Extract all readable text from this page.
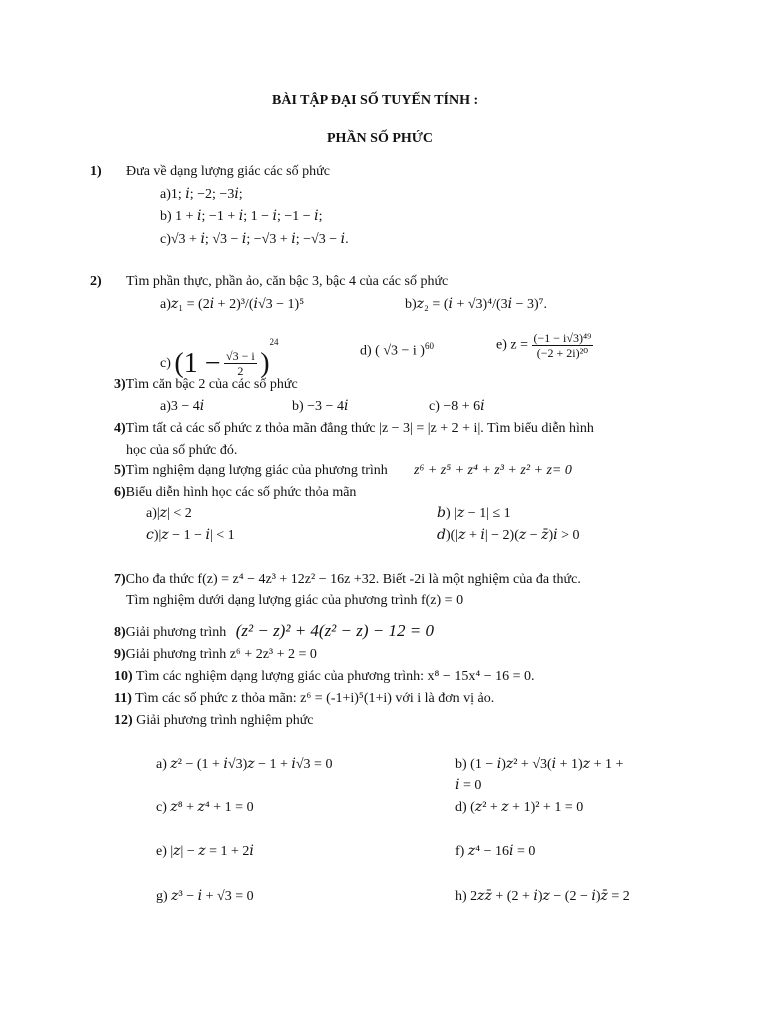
BÀI TẬP ĐẠI SỐ TUYẾN TÍNH :
PHẦN SỐ PHỨC
1) Đưa về dạng lượng giác các số phức
a)1; 𝑖; −2; −3𝑖;
b) 1 + 𝑖; −1 + 𝑖; 1 − 𝑖; −1 − 𝑖;
c)√3 + 𝑖; √3 − 𝑖; −√3 + 𝑖; −√3 − 𝑖.
2) Tìm phần thực, phần ảo, căn bậc 3, bậc 4 của các số phức
a)𝑧₁ = (2𝑖 + 2)³/(𝑖√3 − 1)⁵	b)𝑧₂ = (𝑖 + √3)⁴/(3𝑖 − 3)⁷.
c) $(1 - \frac{√3 - i}{2} )^{24}$
d) ( √3 − i )$^{60}$	e) $z = \frac{\text{(−1 − i√3)⁴⁹}}{\text{(−2 + 2i)²⁰}}$
3)Tìm căn bậc 2 của các số phức
a)3 − 4𝑖	b) −3 − 4𝑖	c) −8 + 6𝑖
4)Tìm tất cả các số phức z thỏa mãn đẳng thức |z − 3| = |z + 2 + i|. Tìm biểu diễn hình
học của số phức đó.
5)Tìm nghiệm dạng lượng giác của phương trình z⁶ + z⁵ + z⁴ + z³ + z² + z= 0
6)Biểu diễn hình học các số phức thỏa mãn
a)|𝑧| < 2	𝑏) |𝑧 − 1| ≤ 1
𝑐)|𝑧 − 1 − 𝑖| < 1	𝑑)(|𝑧 + 𝑖| − 2)(𝑧 − 𝑧̄)𝑖 > 0
7)Cho đa thức f(z) = z⁴ − 4z³ + 12z² − 16z +32. Biết -2i là một nghiệm của đa thức.
Tìm nghiệm dưới dạng lượng giác của phương trình f(z) = 0
8)Giải phương trình (z² − z)² + 4(z² − z) − 12 = 0
9)Giải phương trình z⁶ + 2z³ + 2 = 0
10) Tìm các nghiệm dạng lượng giác của phương trình: x⁸ − 15x⁴ − 16 = 0.
11) Tìm các số phức z thỏa mãn: z⁶ = (-1+i)⁵(1+i) với i là đơn vị ảo.
12) Giải phương trình nghiệm phức
a) 𝑧² − (1 + 𝑖√3)𝑧 − 1 + 𝑖√3 = 0	b) (1 − 𝑖)𝑧² + √3(𝑖 + 1)𝑧 + 1 +
𝑖 = 0
c) 𝑧⁸ + 𝑧⁴ + 1 = 0	d) (𝑧² + 𝑧 + 1)² + 1 = 0
e) |𝑧| − 𝑧 = 1 + 2𝑖	f) 𝑧⁴ − 16𝑖 = 0
g) 𝑧³ − 𝑖 + √3 = 0	h) 2𝑧𝑧̄ + (2 + 𝑖)𝑧 − (2 − 𝑖)𝑧̄ = 2
